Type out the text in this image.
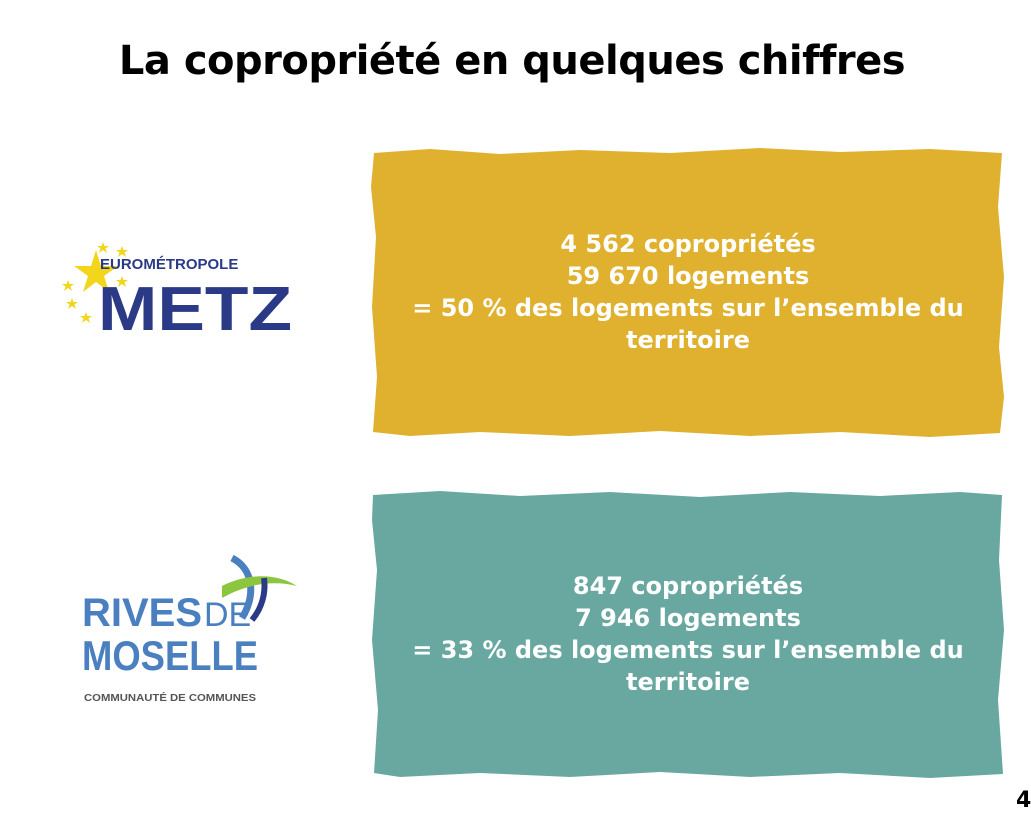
La copropriété en quelques chiffres
EUROMÉTROPOLE
METZ
4 562 copropriétés
59 670 logements
= 50 % des logements sur l’ensemble du territoire
RIVES DE
MOSELLE
COMMUNAUTÉ DE COMMUNES
847 copropriétés
7 946 logements
= 33 % des logements sur l’ensemble du territoire
4
